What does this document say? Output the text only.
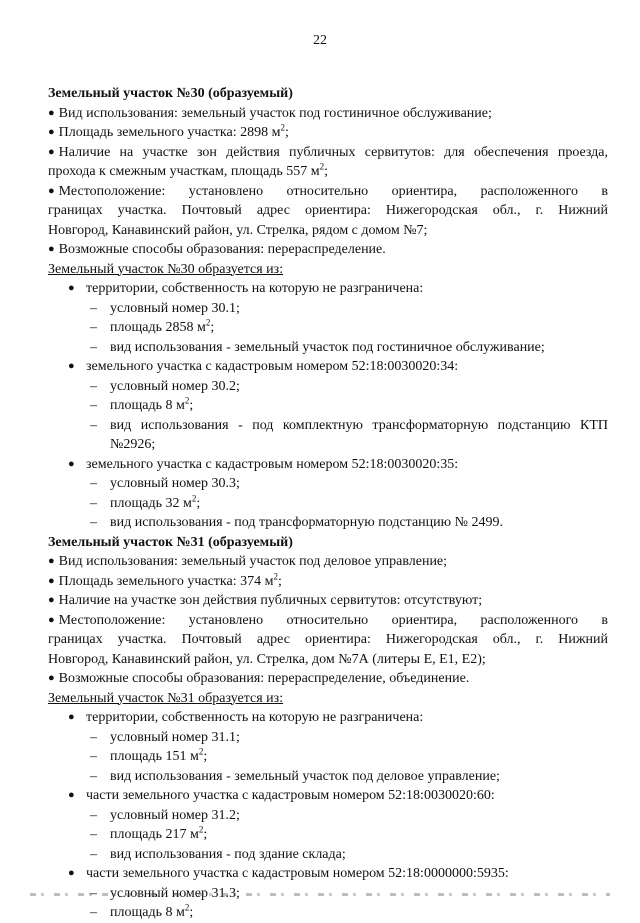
22
Земельный участок №30 (образуемый)
● Вид использования: земельный участок под гостиничное обслуживание;
● Площадь земельного участка: 2898 $м^2$;
● Наличие на участке зон действия публичных сервитутов: для обеспечения проезда,
прохода к смежным участкам, площадь 557 $м^2$;
● Местоположение: установлено относительно ориентира, расположенного в
границах участка. Почтовый адрес ориентира: Нижегородская обл., г. Нижний
Новгород, Канавинский район, ул. Стрелка, рядом с домом №7;
● Возможные способы образования: перераспределение.
Земельный участок №30 образуется из:
● территории, собственность на которую не разграничена:
– условный номер 30.1;
– площадь 2858 $м^2$;
– вид использования - земельный участок под гостиничное обслуживание;
● земельного участка с кадастровым номером 52:18:0030020:34:
– условный номер 30.2;
– площадь 8 $м^2$;
– вид использования - под комплектную трансформаторную подстанцию КТП
№2926;
● земельного участка с кадастровым номером 52:18:0030020:35:
– условный номер 30.3;
– площадь 32 $м^2$;
– вид использования - под трансформаторную подстанцию № 2499.
Земельный участок №31 (образуемый)
● Вид использования: земельный участок под деловое управление;
● Площадь земельного участка: 374 $м^2$;
● Наличие на участке зон действия публичных сервитутов: отсутствуют;
● Местоположение: установлено относительно ориентира, расположенного в
границах участка. Почтовый адрес ориентира: Нижегородская обл., г. Нижний
Новгород, Канавинский район, ул. Стрелка, дом №7А (литеры Е, Е1, Е2);
● Возможные способы образования: перераспределение, объединение.
Земельный участок №31 образуется из:
● территории, собственность на которую не разграничена:
– условный номер 31.1;
– площадь 151 $м^2$;
– вид использования - земельный участок под деловое управление;
● части земельного участка с кадастровым номером 52:18:0030020:60:
– условный номер 31.2;
– площадь 217 $м^2$;
– вид использования - под здание склада;
● части земельного участка с кадастровым номером 52:18:0000000:5935:
– условный номер 31.3;
– площадь 8 $м^2$;
